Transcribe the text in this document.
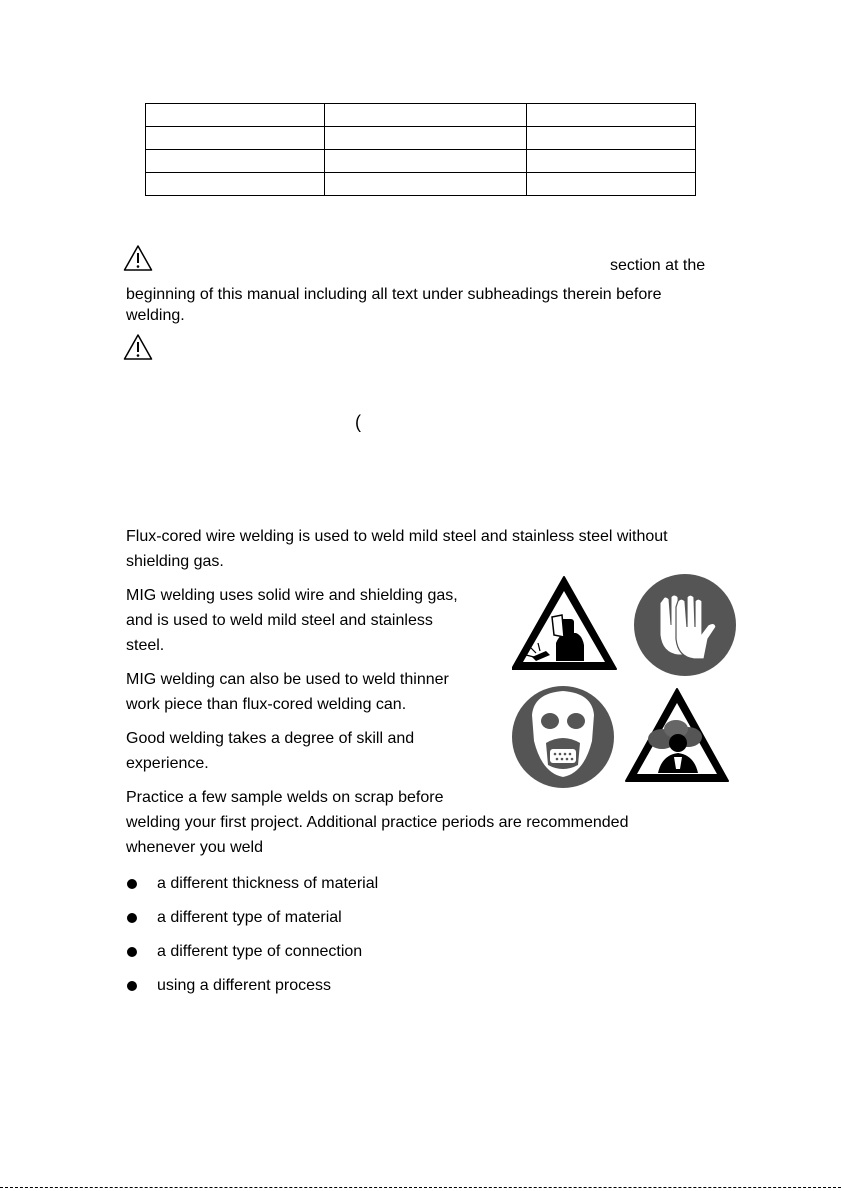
section at the
beginning of this manual including all text under subheadings therein before
welding.
(
Flux-cored wire welding is used to weld mild steel and stainless steel without
shielding gas.
MIG welding uses solid wire and shielding gas,
and is used to weld mild steel and stainless
steel.
MIG welding can also be used to weld thinner
work piece than flux-cored welding can.
Good welding takes a degree of skill and
experience.
Practice a few sample welds on scrap before
welding your first project. Additional practice periods are recommended
whenever you weld
a different thickness of material
a different type of material
a different type of connection
using a different process
